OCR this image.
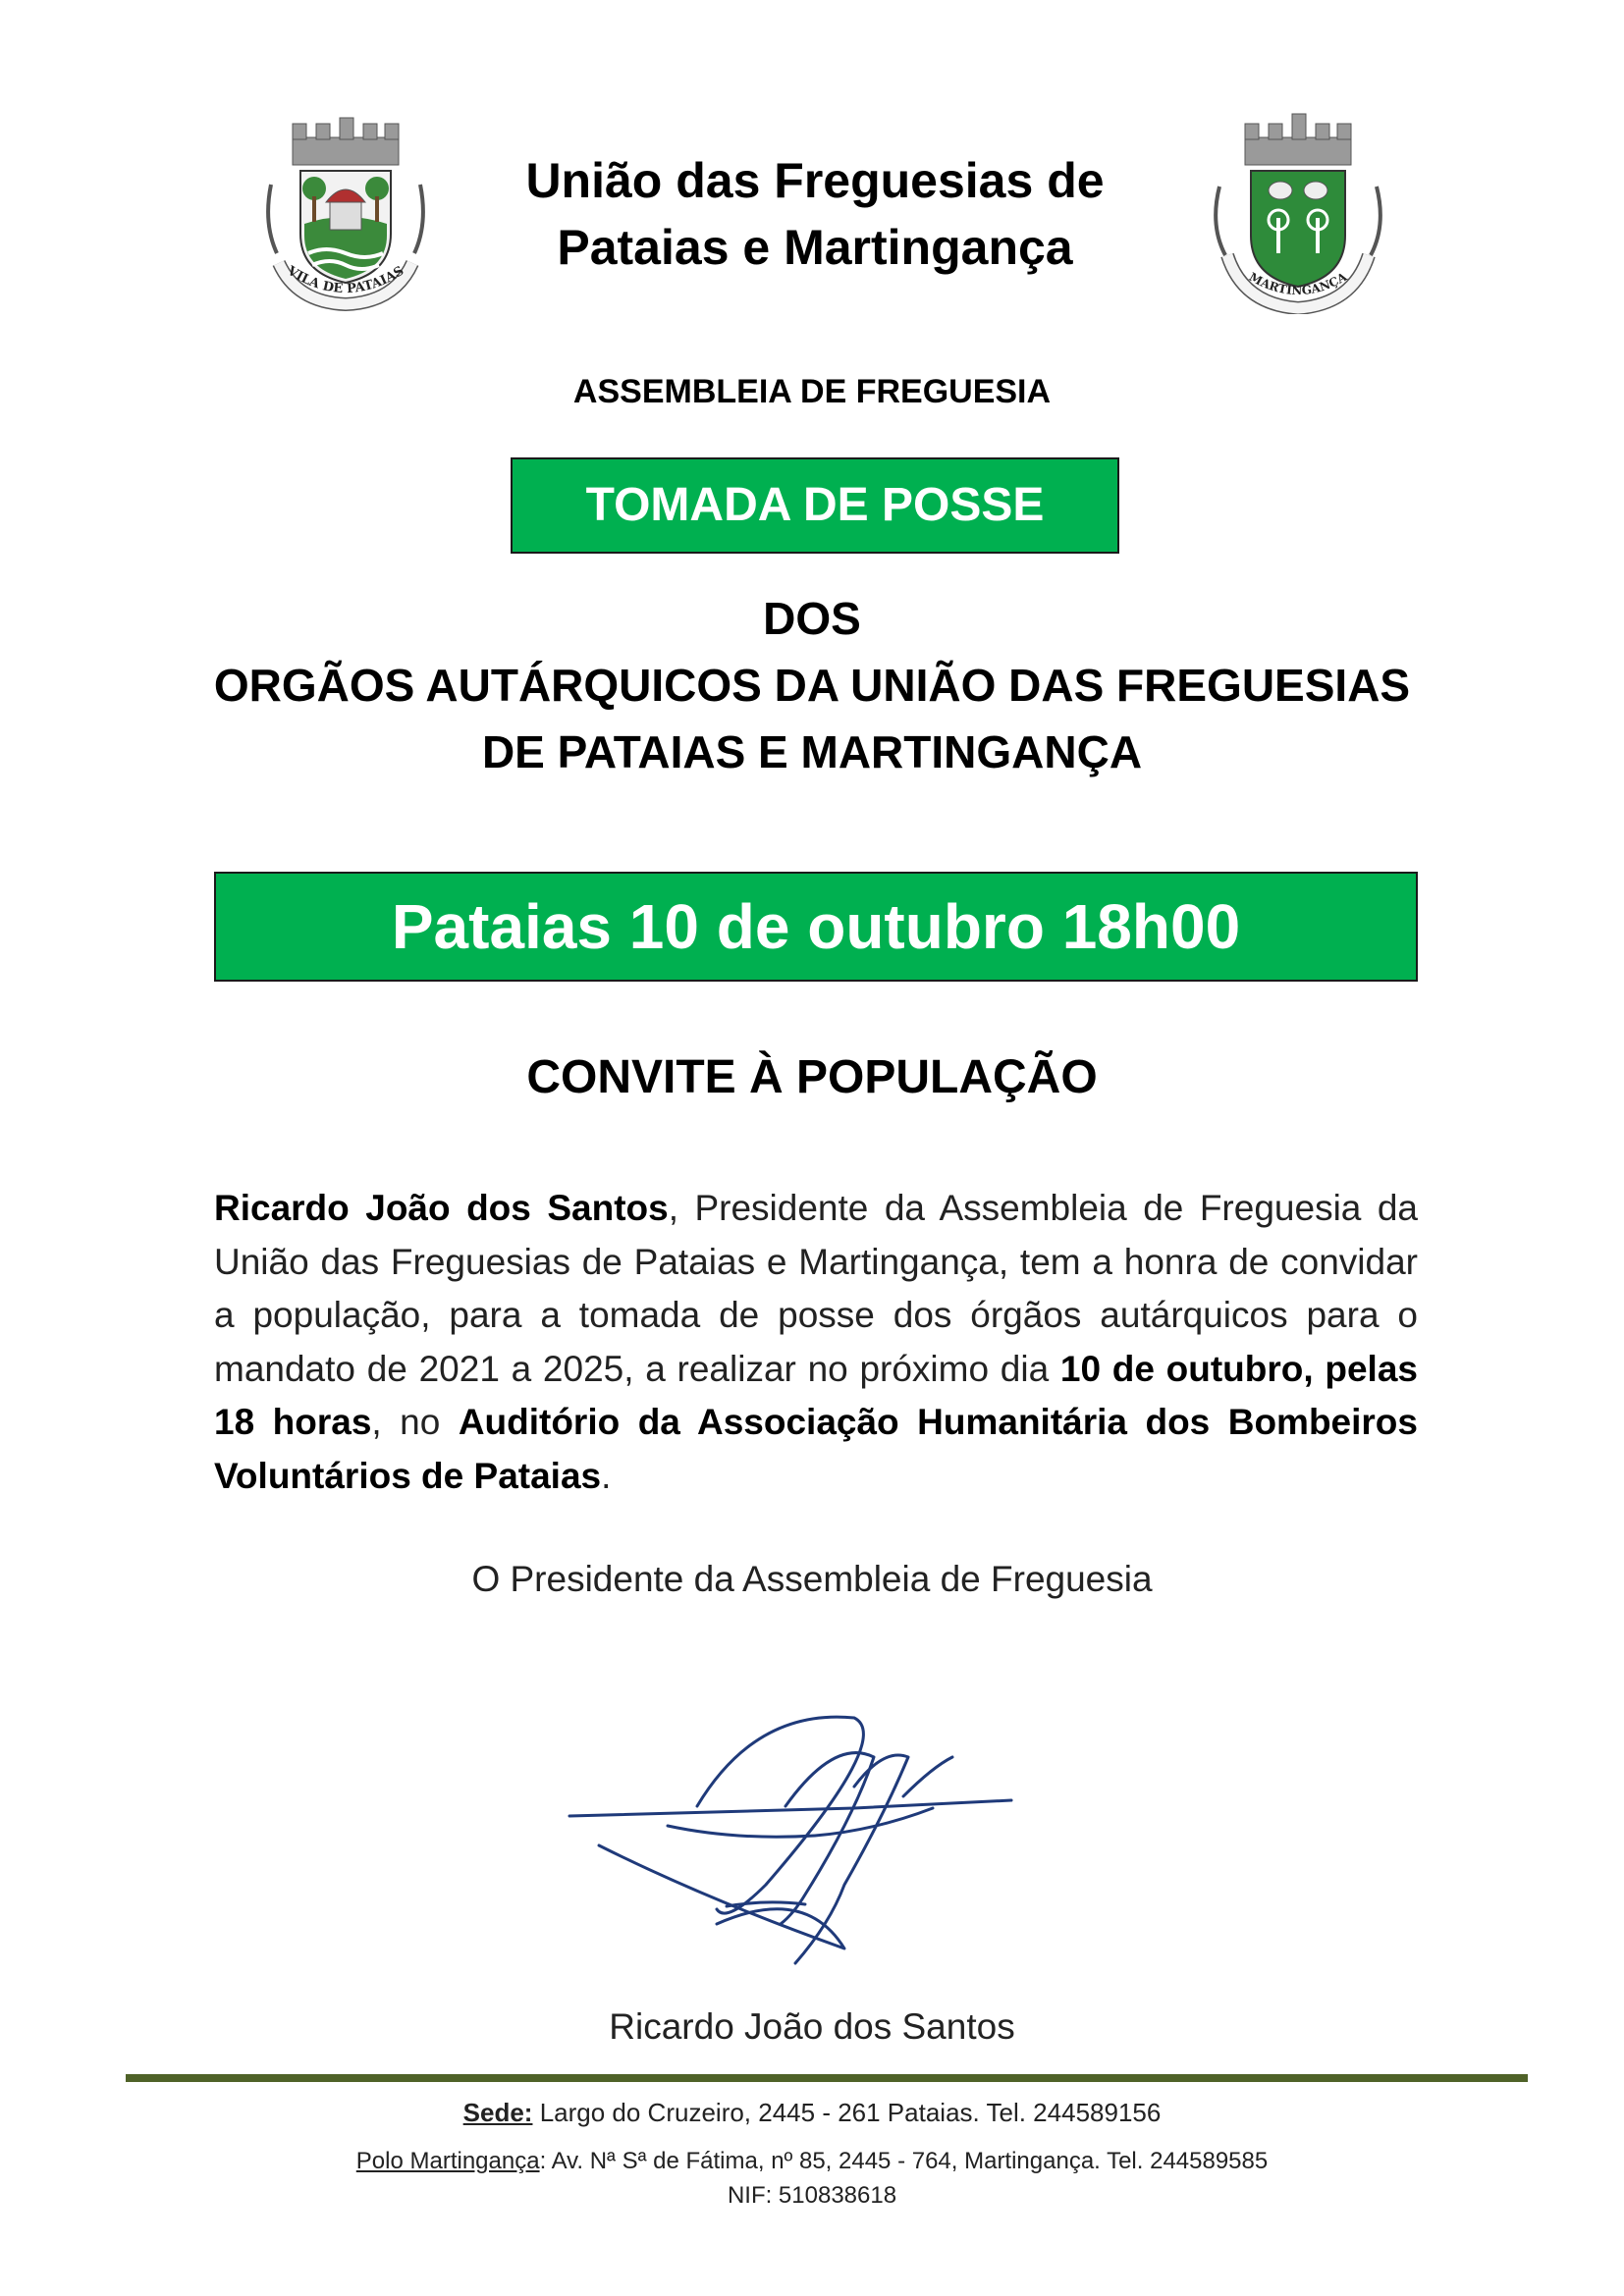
VILA DE PATAIAS	MARTINGANÇA
União das Freguesias de
Pataias e Martingança
ASSEMBLEIA DE FREGUESIA
TOMADA DE POSSE
DOS
ORGÃOS AUTÁRQUICOS DA UNIÃO DAS FREGUESIAS
DE PATAIAS E MARTINGANÇA
Pataias 10 de outubro 18h00
CONVITE À POPULAÇÃO
Ricardo João dos Santos, Presidente da Assembleia de Freguesia da União das Freguesias de Pataias e Martingança, tem a honra de convidar a população, para a tomada de posse dos órgãos autárquicos para o mandato de 2021 a 2025, a realizar no próximo dia 10 de outubro, pelas 18 horas, no Auditório da Associação Humanitária dos Bombeiros Voluntários de Pataias.
O Presidente da Assembleia de Freguesia
Ricardo João dos Santos
Sede: Largo do Cruzeiro, 2445 - 261 Pataias. Tel. 244589156
Polo Martingança: Av. Nª Sª de Fátima, nº 85, 2445 - 764, Martingança. Tel. 244589585
NIF: 510838618
